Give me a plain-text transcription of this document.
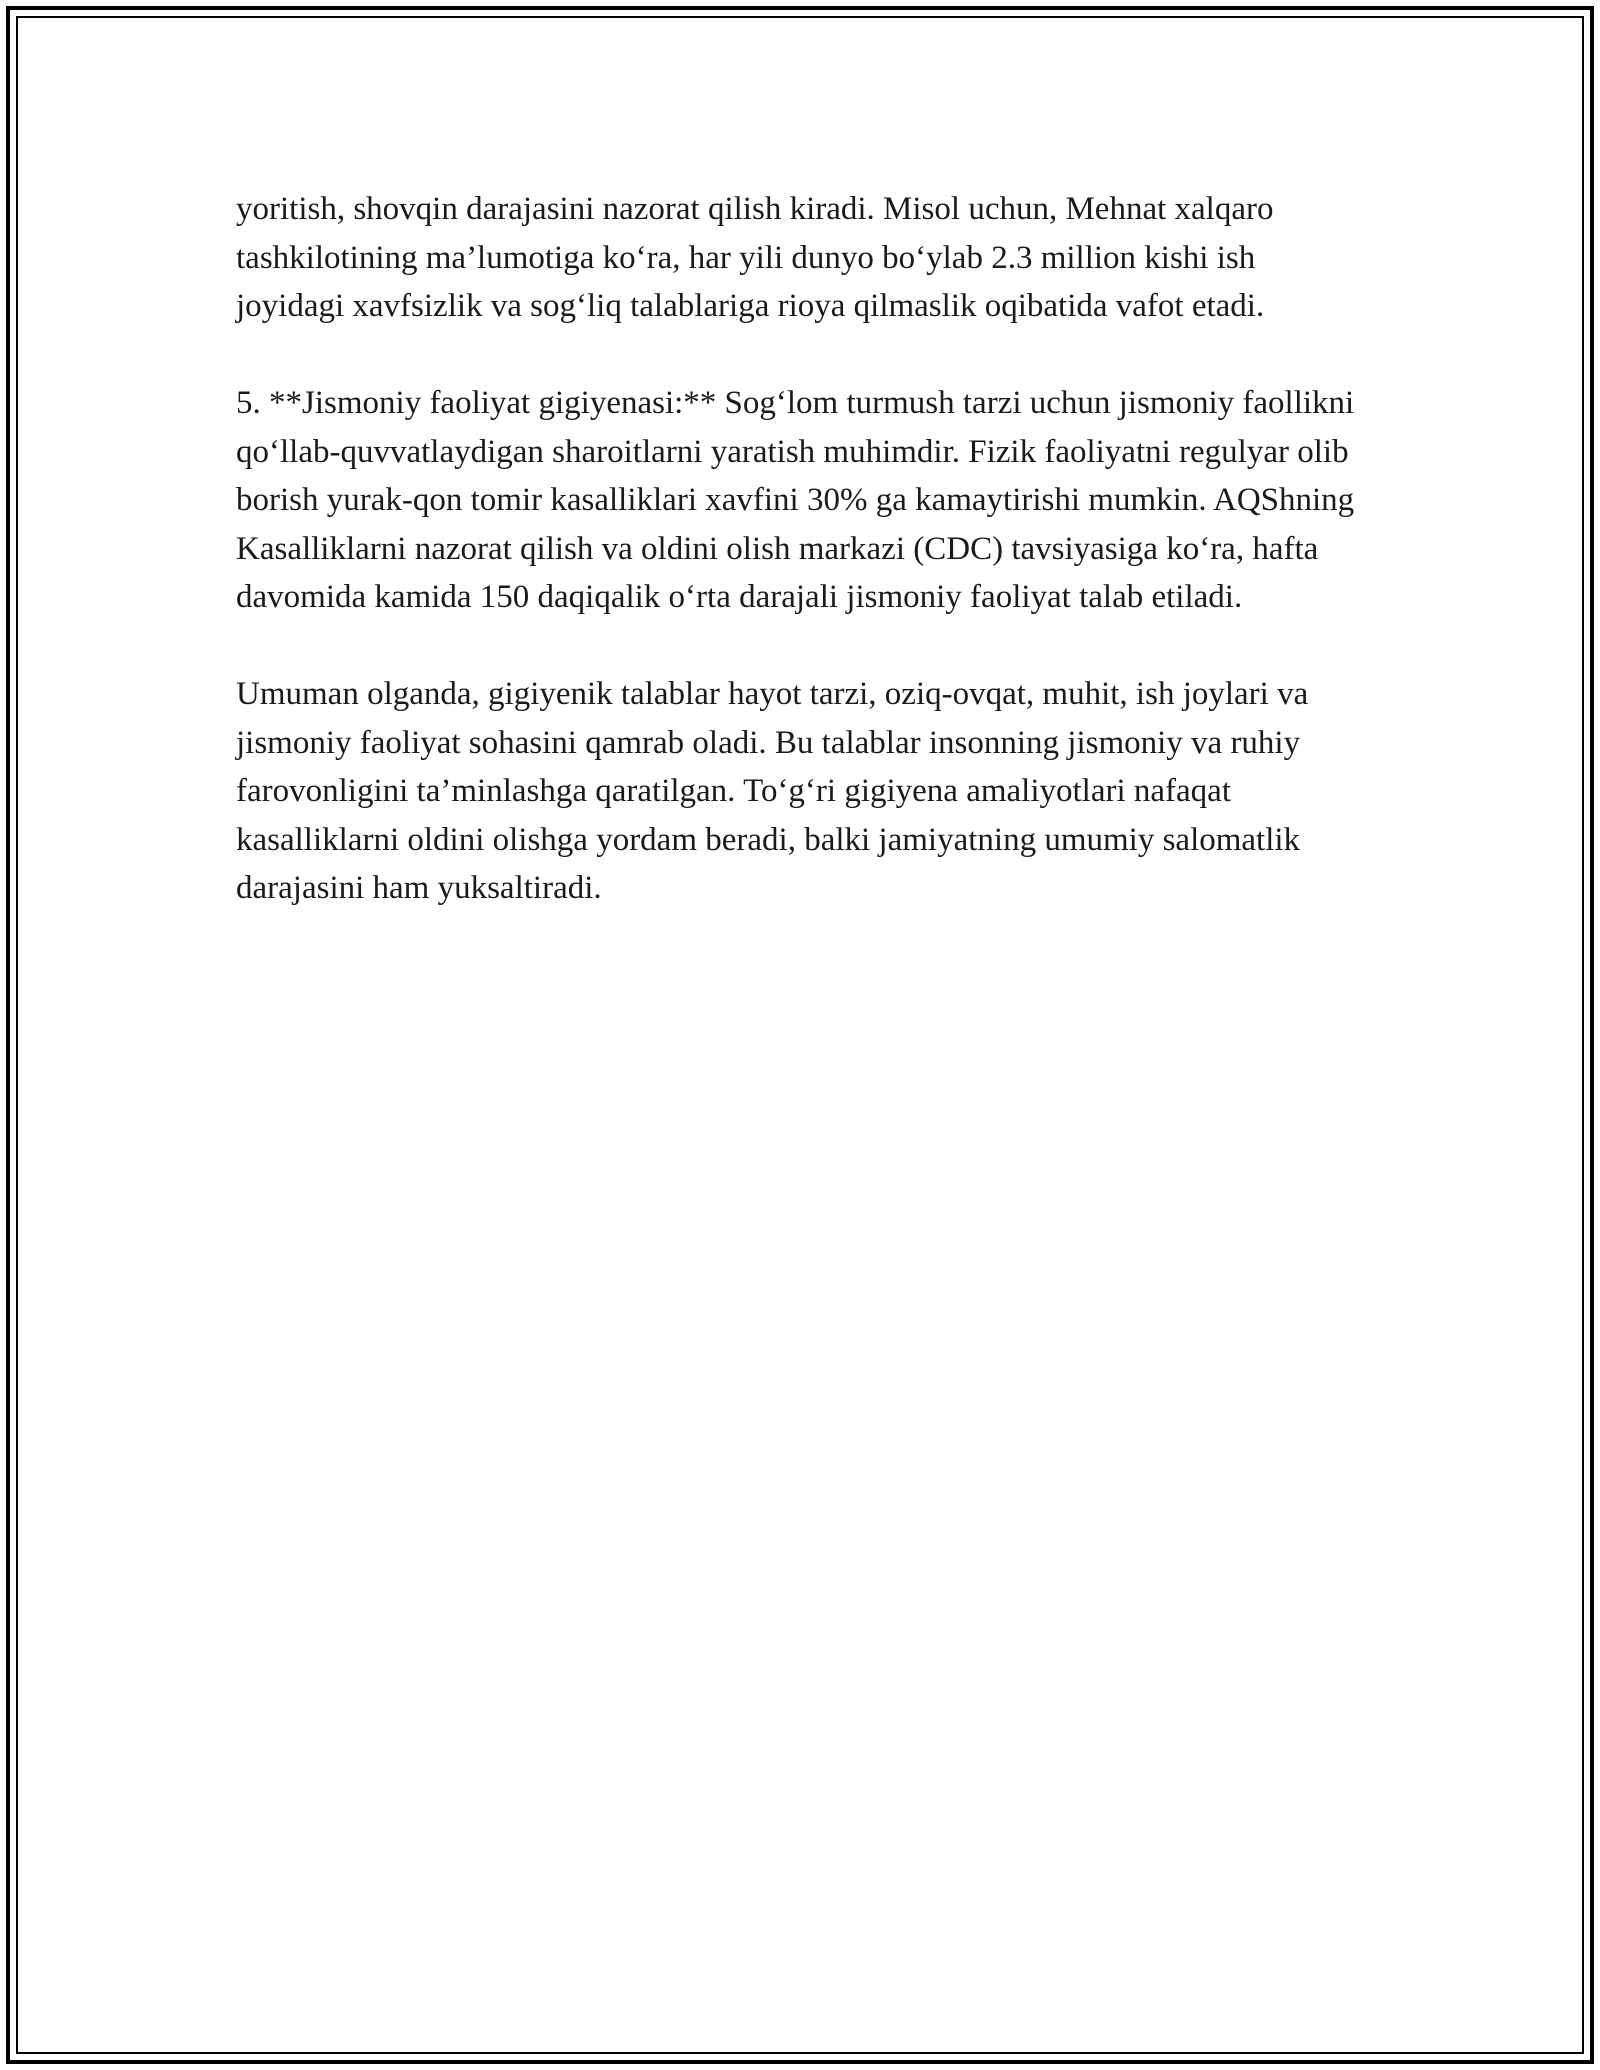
yoritish, shovqin darajasini nazorat qilish kiradi. Misol uchun, Mehnat xalqaro tashkilotining ma’lumotiga ko‘ra, har yili dunyo bo‘ylab 2.3 million kishi ish joyidagi xavfsizlik va sog‘liq talablariga rioya qilmaslik oqibatida vafot etadi.

5. **Jismoniy faoliyat gigiyenasi:** Sog‘lom turmush tarzi uchun jismoniy faollikni qo‘llab-quvvatlaydigan sharoitlarni yaratish muhimdir. Fizik faoliyatni regulyar olib borish yurak-qon tomir kasalliklari xavfini 30% ga kamaytirishi mumkin. AQShning Kasalliklarni nazorat qilish va oldini olish markazi (CDC) tavsiyasiga ko‘ra, hafta davomida kamida 150 daqiqalik o‘rta darajali jismoniy faoliyat talab etiladi.

Umuman olganda, gigiyenik talablar hayot tarzi, oziq-ovqat, muhit, ish joylari va jismoniy faoliyat sohasini qamrab oladi. Bu talablar insonning jismoniy va ruhiy farovonligini ta’minlashga qaratilgan. To‘g‘ri gigiyena amaliyotlari nafaqat kasalliklarni oldini olishga yordam beradi, balki jamiyatning umumiy salomatlik darajasini ham yuksaltiradi.
